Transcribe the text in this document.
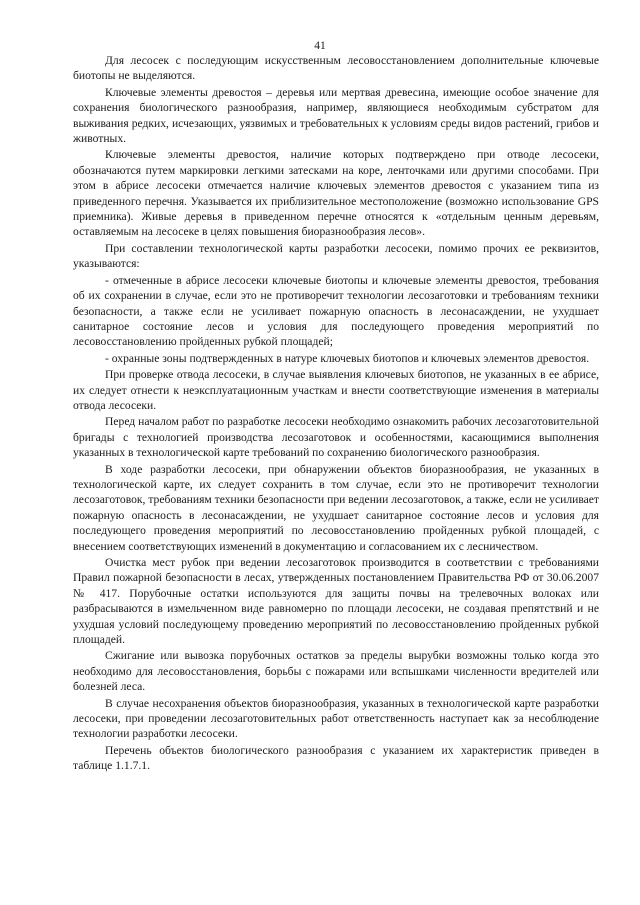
41

Для лесосек с последующим искусственным лесовосстановлением дополнительные ключевые биотопы не выделяются.

Ключевые элементы древостоя – деревья или мертвая древесина, имеющие особое значение для сохранения биологического разнообразия, например, являющиеся необходимым субстратом для выживания редких, исчезающих, уязвимых и требовательных к условиям среды видов растений, грибов и животных.

Ключевые элементы древостоя, наличие которых подтверждено при отводе лесосеки, обозначаются путем маркировки легкими затесками на коре, ленточками или другими способами. При этом в абрисе лесосеки отмечается наличие ключевых элементов древостоя с указанием типа из приведенного перечня. Указывается их приблизительное местоположение (возможно использование GPS приемника). Живые деревья в приведенном перечне относятся к «отдельным ценным деревьям, оставляемым на лесосеке в целях повышения биоразнообразия лесов».

При составлении технологической карты разработки лесосеки, помимо прочих ее реквизитов, указываются:

- отмеченные в абрисе лесосеки ключевые биотопы и ключевые элементы древостоя, требования об их сохранении в случае, если это не противоречит технологии лесозаготовки и требованиям техники безопасности, а также если не усиливает пожарную опасность в лесонасаждении, не ухудшает санитарное состояние лесов и условия для последующего проведения мероприятий по лесовосстановлению пройденных рубкой площадей;

- охранные зоны подтвержденных в натуре ключевых биотопов и ключевых элементов древостоя.

При проверке отвода лесосеки, в случае выявления ключевых биотопов, не указанных в ее абрисе, их следует отнести к неэксплуатационным участкам и внести соответствующие изменения в материалы отвода лесосеки.

Перед началом работ по разработке лесосеки необходимо ознакомить рабочих лесозаготовительной бригады с технологией производства лесозаготовок и особенностями, касающимися выполнения указанных в технологической карте требований по сохранению биологического разнообразия.

В ходе разработки лесосеки, при обнаружении объектов биоразнообразия, не указанных в технологической карте, их следует сохранить в том случае, если это не противоречит технологии лесозаготовок, требованиям техники безопасности при ведении лесозаготовок, а также, если не усиливает пожарную опасность в лесонасаждении, не ухудшает санитарное состояние лесов и условия для последующего проведения мероприятий по лесовосстановлению пройденных рубкой площадей, с внесением соответствующих изменений в документацию и согласованием их с лесничеством.

Очистка мест рубок при ведении лесозаготовок производится в соответствии с требованиями Правил пожарной безопасности в лесах, утвержденных постановлением Правительства РФ от 30.06.2007 № 417. Порубочные остатки используются для защиты почвы на трелевочных волоках или разбрасываются в измельченном виде равномерно по площади лесосеки, не создавая препятствий и не ухудшая условий последующему проведению мероприятий по лесовосстановлению пройденных рубкой площадей.

Сжигание или вывозка порубочных остатков за пределы вырубки возможны только когда это необходимо для лесовосстановления, борьбы с пожарами или вспышками численности вредителей или болезней леса.

В случае несохранения объектов биоразнообразия, указанных в технологической карте разработки лесосеки, при проведении лесозаготовительных работ ответственность наступает как за несоблюдение технологии разработки лесосеки.

Перечень объектов биологического разнообразия с указанием их характеристик приведен в таблице 1.1.7.1.
